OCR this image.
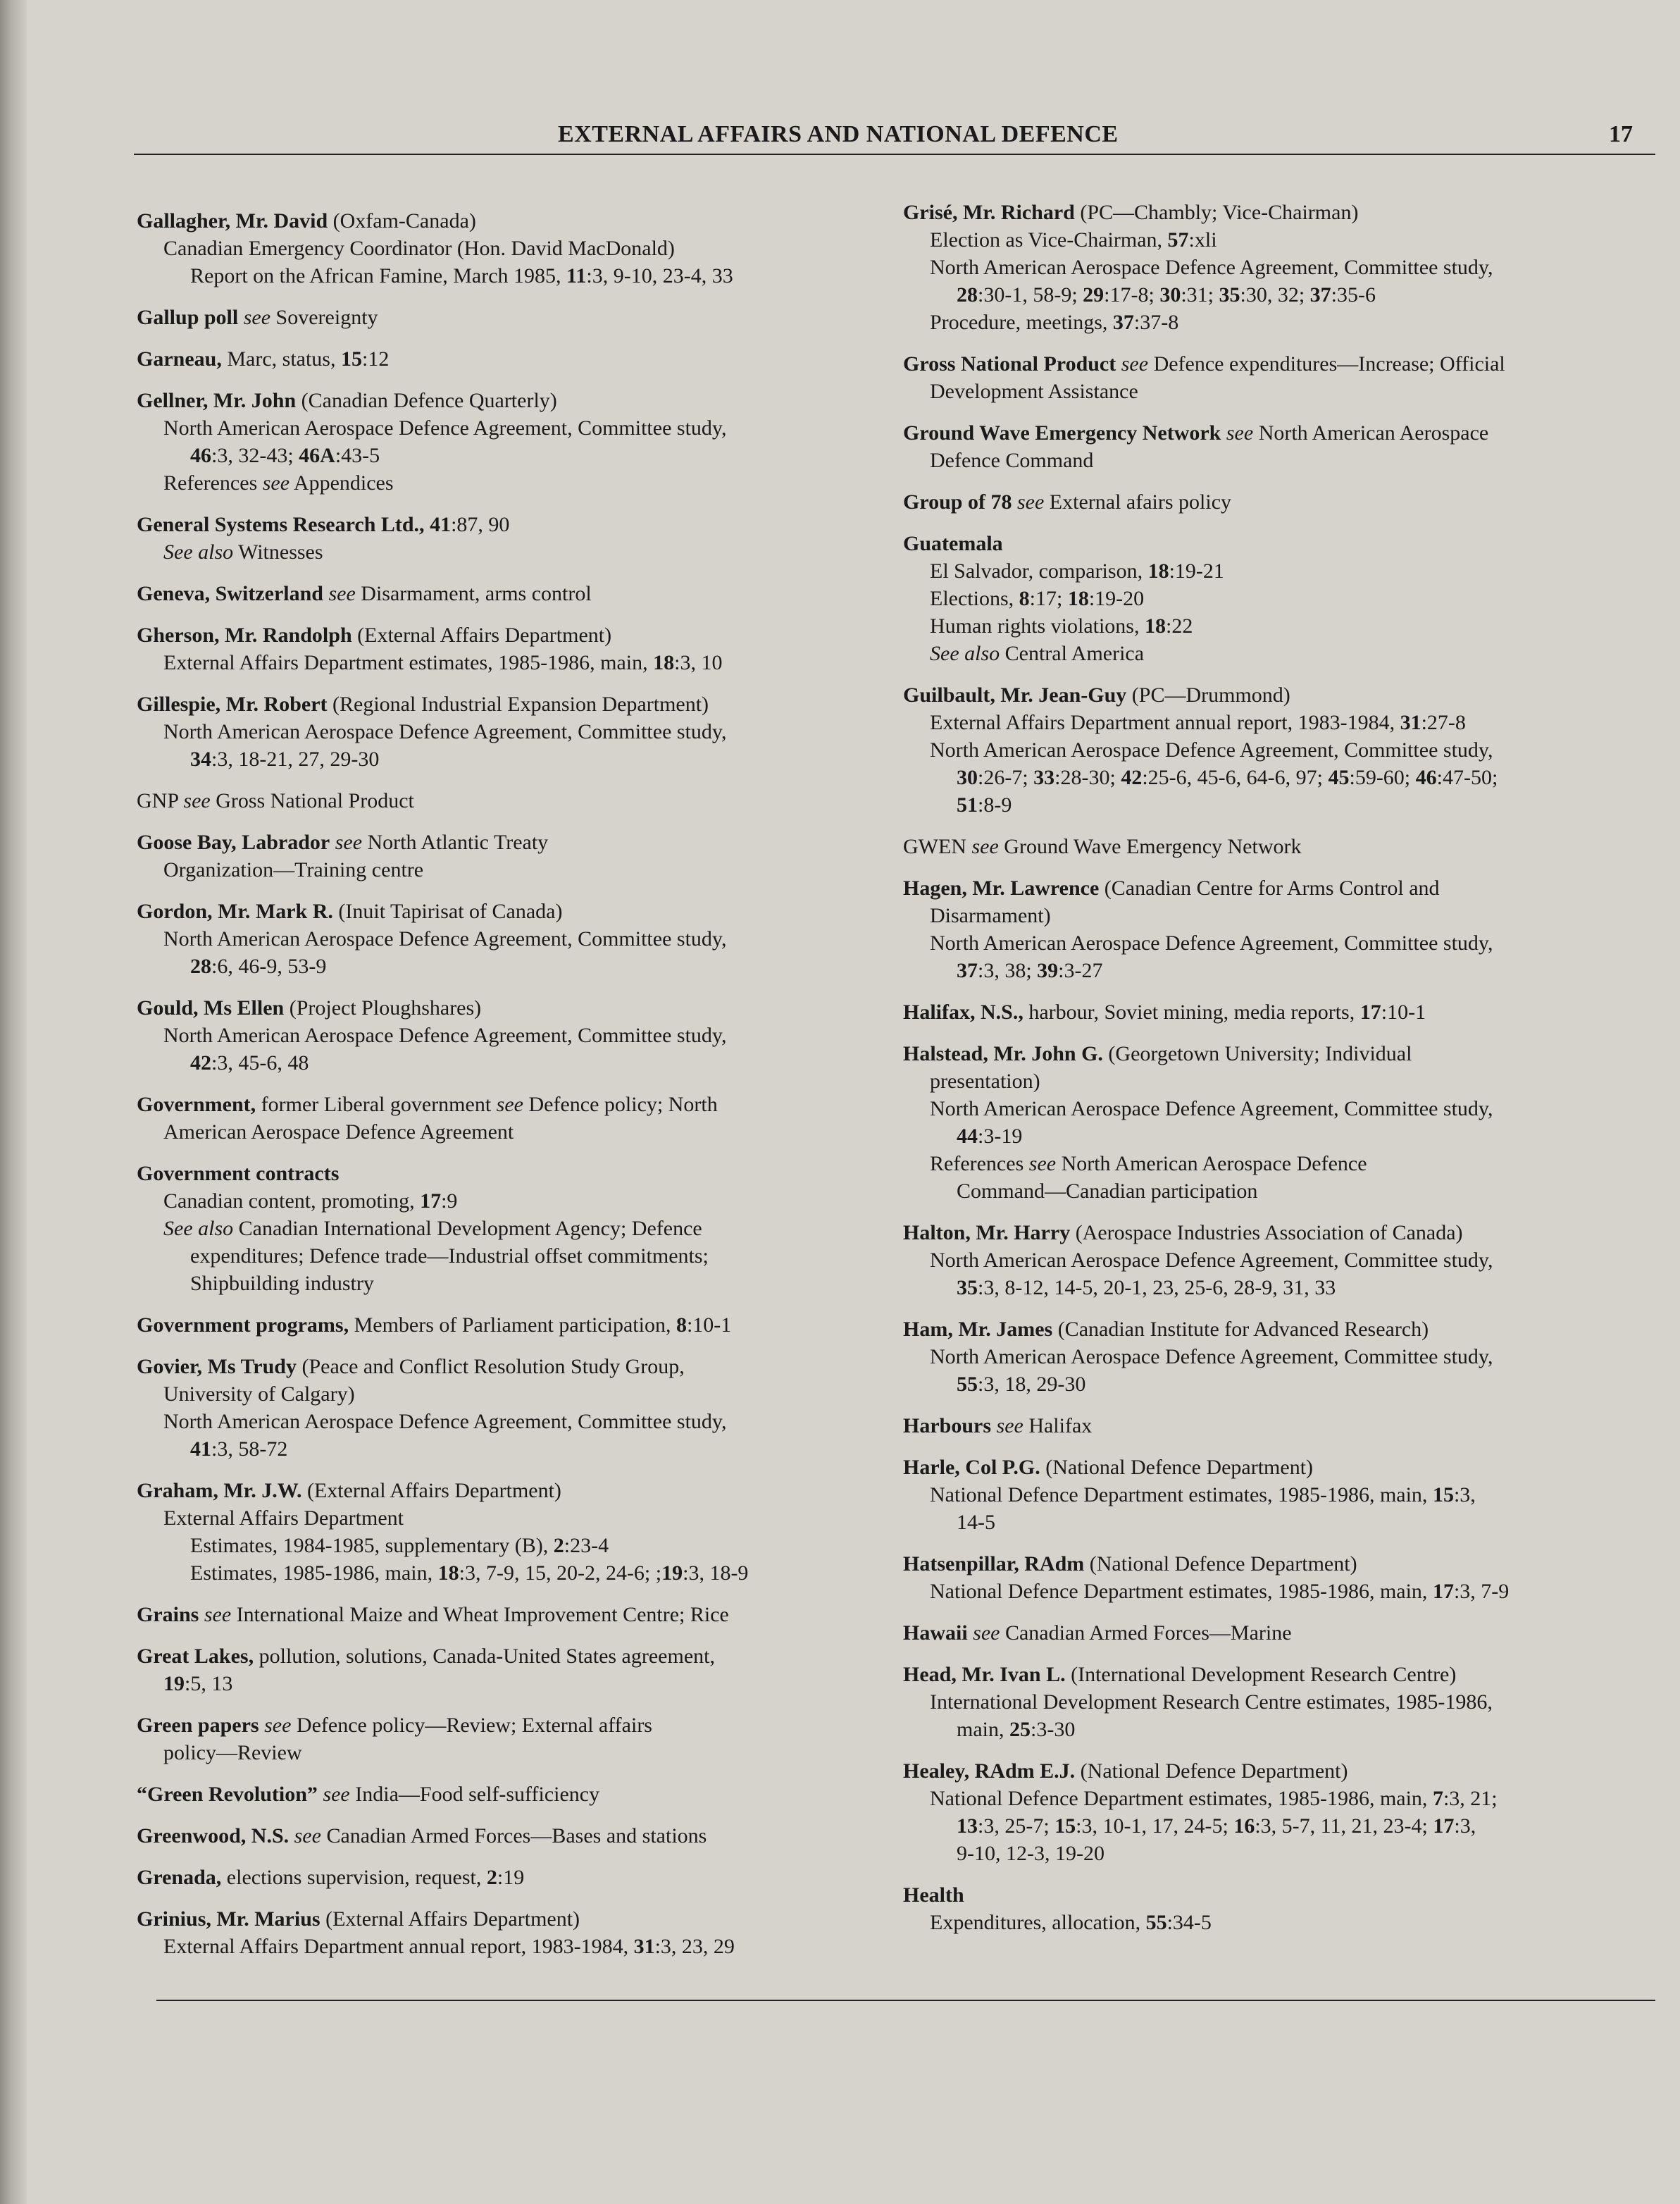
EXTERNAL AFFAIRS AND NATIONAL DEFENCE	17
Gallagher, Mr. David (Oxfam-Canada)
Canadian Emergency Coordinator (Hon. David MacDonald)
Report on the African Famine, March 1985, 11:3, 9-10, 23-4, 33
Gallup poll see Sovereignty
Garneau, Marc, status, 15:12
Gellner, Mr. John (Canadian Defence Quarterly)
North American Aerospace Defence Agreement, Committee study,
46:3, 32-43; 46A:43-5
References see Appendices
General Systems Research Ltd., 41:87, 90
See also Witnesses
Geneva, Switzerland see Disarmament, arms control
Gherson, Mr. Randolph (External Affairs Department)
External Affairs Department estimates, 1985-1986, main, 18:3, 10
Gillespie, Mr. Robert (Regional Industrial Expansion Department)
North American Aerospace Defence Agreement, Committee study,
34:3, 18-21, 27, 29-30
GNP see Gross National Product
Goose Bay, Labrador see North Atlantic Treaty
Organization—Training centre
Gordon, Mr. Mark R. (Inuit Tapirisat of Canada)
North American Aerospace Defence Agreement, Committee study,
28:6, 46-9, 53-9
Gould, Ms Ellen (Project Ploughshares)
North American Aerospace Defence Agreement, Committee study,
42:3, 45-6, 48
Government, former Liberal government see Defence policy; North
American Aerospace Defence Agreement
Government contracts
Canadian content, promoting, 17:9
See also Canadian International Development Agency; Defence
expenditures; Defence trade—Industrial offset commitments;
Shipbuilding industry
Government programs, Members of Parliament participation, 8:10-1
Govier, Ms Trudy (Peace and Conflict Resolution Study Group,
University of Calgary)
North American Aerospace Defence Agreement, Committee study,
41:3, 58-72
Graham, Mr. J.W. (External Affairs Department)
External Affairs Department
Estimates, 1984-1985, supplementary (B), 2:23-4
Estimates, 1985-1986, main, 18:3, 7-9, 15, 20-2, 24-6; ;19:3, 18-9
Grains see International Maize and Wheat Improvement Centre; Rice
Great Lakes, pollution, solutions, Canada-United States agreement,
19:5, 13
Green papers see Defence policy—Review; External affairs
policy—Review
“Green Revolution” see India—Food self-sufficiency
Greenwood, N.S. see Canadian Armed Forces—Bases and stations
Grenada, elections supervision, request, 2:19
Grinius, Mr. Marius (External Affairs Department)
External Affairs Department annual report, 1983-1984, 31:3, 23, 29
Grisé, Mr. Richard (PC—Chambly; Vice-Chairman)
Election as Vice-Chairman, 57:xli
North American Aerospace Defence Agreement, Committee study,
28:30-1, 58-9; 29:17-8; 30:31; 35:30, 32; 37:35-6
Procedure, meetings, 37:37-8
Gross National Product see Defence expenditures—Increase; Official
Development Assistance
Ground Wave Emergency Network see North American Aerospace
Defence Command
Group of 78 see External afairs policy
Guatemala
El Salvador, comparison, 18:19-21
Elections, 8:17; 18:19-20
Human rights violations, 18:22
See also Central America
Guilbault, Mr. Jean-Guy (PC—Drummond)
External Affairs Department annual report, 1983-1984, 31:27-8
North American Aerospace Defence Agreement, Committee study,
30:26-7; 33:28-30; 42:25-6, 45-6, 64-6, 97; 45:59-60; 46:47-50;
51:8-9
GWEN see Ground Wave Emergency Network
Hagen, Mr. Lawrence (Canadian Centre for Arms Control and
Disarmament)
North American Aerospace Defence Agreement, Committee study,
37:3, 38; 39:3-27
Halifax, N.S., harbour, Soviet mining, media reports, 17:10-1
Halstead, Mr. John G. (Georgetown University; Individual
presentation)
North American Aerospace Defence Agreement, Committee study,
44:3-19
References see North American Aerospace Defence
Command—Canadian participation
Halton, Mr. Harry (Aerospace Industries Association of Canada)
North American Aerospace Defence Agreement, Committee study,
35:3, 8-12, 14-5, 20-1, 23, 25-6, 28-9, 31, 33
Ham, Mr. James (Canadian Institute for Advanced Research)
North American Aerospace Defence Agreement, Committee study,
55:3, 18, 29-30
Harbours see Halifax
Harle, Col P.G. (National Defence Department)
National Defence Department estimates, 1985-1986, main, 15:3,
14-5
Hatsenpillar, RAdm (National Defence Department)
National Defence Department estimates, 1985-1986, main, 17:3, 7-9
Hawaii see Canadian Armed Forces—Marine
Head, Mr. Ivan L. (International Development Research Centre)
International Development Research Centre estimates, 1985-1986,
main, 25:3-30
Healey, RAdm E.J. (National Defence Department)
National Defence Department estimates, 1985-1986, main, 7:3, 21;
13:3, 25-7; 15:3, 10-1, 17, 24-5; 16:3, 5-7, 11, 21, 23-4; 17:3,
9-10, 12-3, 19-20
Health
Expenditures, allocation, 55:34-5
